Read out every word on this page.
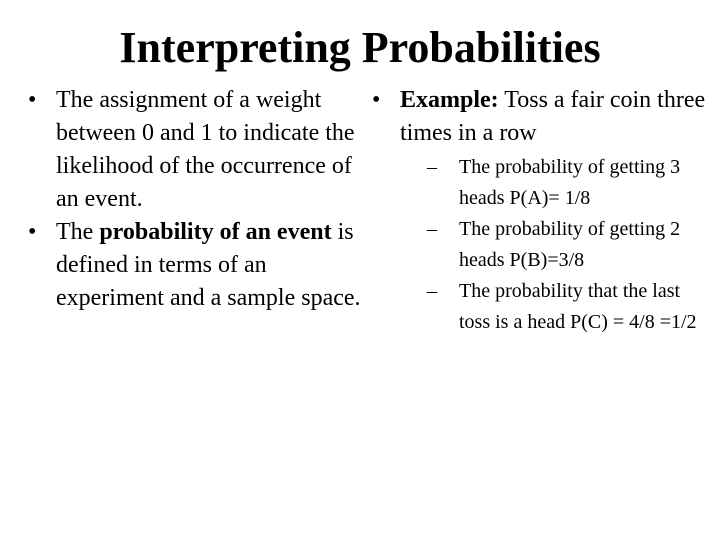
Interpreting Probabilities
• The assignment of a weight between 0 and 1 to indicate the likelihood of the occurrence of an event.
• The probability of an event is defined in terms of an experiment and a sample space.
• Example: Toss a fair coin three times in a row
– The probability of getting 3 heads P(A)= 1/8
– The probability of getting 2 heads P(B)=3/8
– The probability that the last toss is a head P(C) = 4/8 =1/2
